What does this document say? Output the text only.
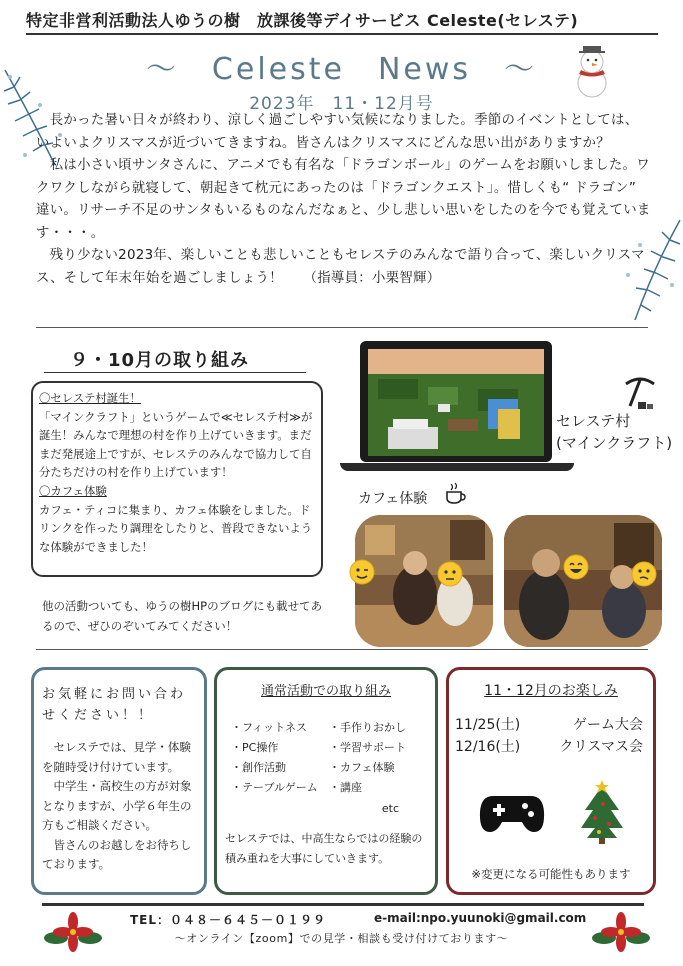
特定非営利活動法人ゆうの樹　放課後等デイサービス Celeste(セレステ)
～　Celeste　News　～
2023年　11・12月号

　長かった暑い日々が終わり、涼しく過ごしやすい気候になりました。季節のイベントとしては、いよいよクリスマスが近づいてきますね。皆さんはクリスマスにどんな思い出がありますか？

　私は小さい頃サンタさんに、アニメでも有名な「ドラゴンボール」のゲームをお願いしました。ワクワクしながら就寝して、朝起きて枕元にあったのは「ドラゴンクエスト」。惜しくも“ ドラゴン” 違い。リサーチ不足のサンタもいるものなんだなぁと、少し悲しい思いをしたのを今でも覚えています・・・。

　残り少ない2023年、楽しいことも悲しいこともセレステのみんなで語り合って、楽しいクリスマス、そして年末年始を過ごしましょう！　　（指導員：小栗智輝）

９・10月の取り組み

〇セレステ村誕生！

「マインクラフト」というゲームで≪セレステ村≫が誕生！みんなで理想の村を作り上げていきます。まだまだ発展途上ですが、セレステのみんなで協力して自分たちだけの村を作り上げています！

〇カフェ体験

カフェ・ティコに集まり、カフェ体験をしました。ドリンクを作ったり調理をしたりと、普段できないような体験ができました！

他の活動ついても、ゆうの樹HPのブログにも載せてあるので、ぜひのぞいてみてください！
セレステ村
(マインクラフト)
カフェ体験
お気軽にお問い合わせください！！

　セレステでは、見学・体験を随時受け付けています。

　中学生・高校生の方が対象となりますが、小学６年生の方もご相談ください。

　皆さんのお越しをお待ちしております。

通常活動での取り組み
・フィットネス	・手作りおかし
・PC操作	・学習サポート
・創作活動	・カフェ体験
・テーブルゲーム	・講座
etc
セレステでは、中高生ならではの経験の積み重ねを大事にしていきます。
11・12月のお楽しみ
11/25(土)	ゲーム大会
12/16(土)	クリスマス会
※変更になる可能性もあります
TEL：０４８－６４５－０１９９	e-mail:npo.yuunoki@gmail.com
～オンライン【zoom】での見学・相談も受け付けております～
